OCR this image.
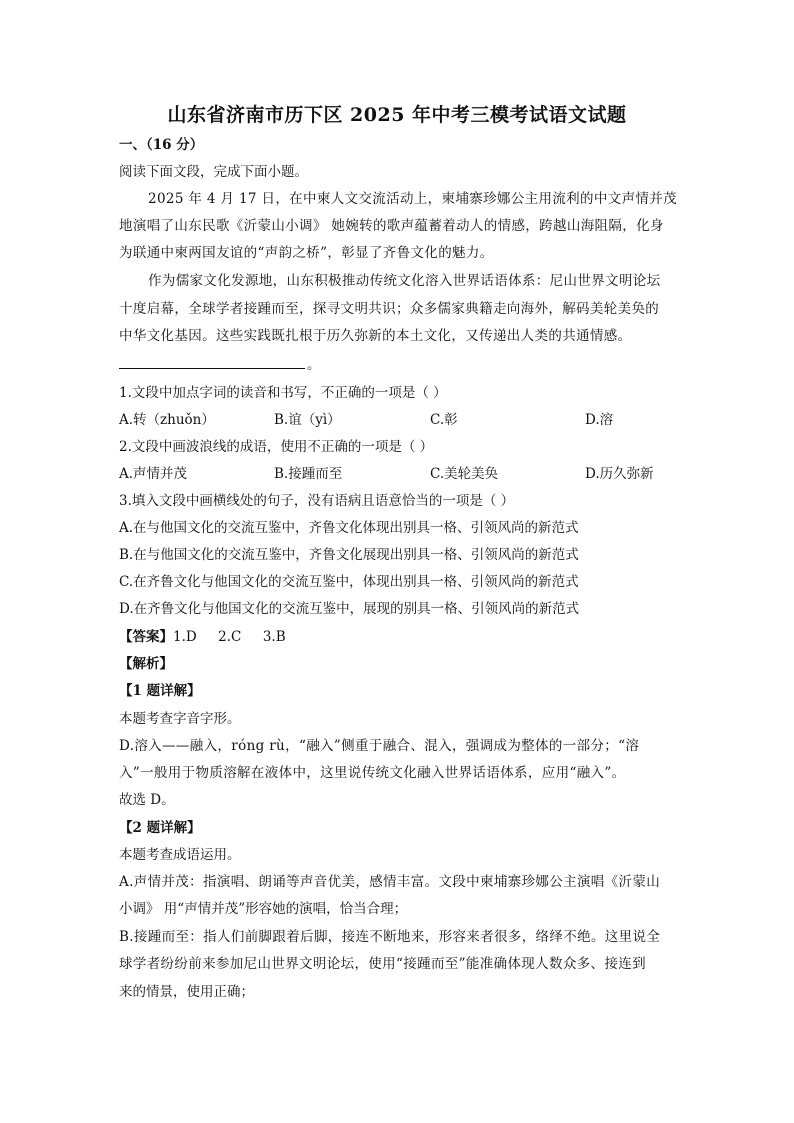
山东省济南市历下区 2025 年中考三模考试语文试题
一、（16 分）
阅读下面文段，完成下面小题。
2025 年 4 月 17 日，在中柬人文交流活动上，柬埔寨珍娜公主用流利的中文声情并茂
地演唱了山东民歌《沂蒙山小调》 她婉转的歌声蕴蓄着动人的情感，跨越山海阻隔，化身
为联通中柬两国友谊的“声韵之桥”，彰显了齐鲁文化的魅力。
作为儒家文化发源地，山东积极推动传统文化溶入世界话语体系：尼山世界文明论坛
十度启幕，全球学者接踵而至，探寻文明共识；众多儒家典籍走向海外，解码美轮美奂的
中华文化基因。这些实践既扎根于历久弥新的本土文化，又传递出人类的共通情感。
。
1.文段中加点字词的读音和书写，不正确的一项是（ ）
A.转（zhuǒn）	B.谊（yì）	C.彰	D.溶
2.文段中画波浪线的成语，使用不正确的一项是（ ）
A.声情并茂	B.接踵而至	C.美轮美奂	D.历久弥新
3.填入文段中画横线处的句子，没有语病且语意恰当的一项是（ ）
A.在与他国文化的交流互鉴中，齐鲁文化体现出别具一格、引领风尚的新范式
B.在与他国文化的交流互鉴中，齐鲁文化展现出别具一格、引领风尚的新范式
C.在齐鲁文化与他国文化的交流互鉴中，体现出别具一格、引领风尚的新范式
D.在齐鲁文化与他国文化的交流互鉴中，展现的别具一格、引领风尚的新范式
【答案】1.D     2.C     3.B
【解析】
【1 题详解】
本题考查字音字形。
D.溶入——融入，róng rù，“融入”侧重于融合、混入，强调成为整体的一部分；“溶
入”一般用于物质溶解在液体中，这里说传统文化融入世界话语体系，应用“融入”。
故选 D。
【2 题详解】
本题考查成语运用。
A.声情并茂：指演唱、朗诵等声音优美，感情丰富。文段中柬埔寨珍娜公主演唱《沂蒙山
小调》 用“声情并茂”形容她的演唱，恰当合理；
B.接踵而至：指人们前脚跟着后脚，接连不断地来，形容来者很多，络绎不绝。这里说全
球学者纷纷前来参加尼山世界文明论坛，使用“接踵而至”能准确体现人数众多、接连到
来的情景，使用正确；
